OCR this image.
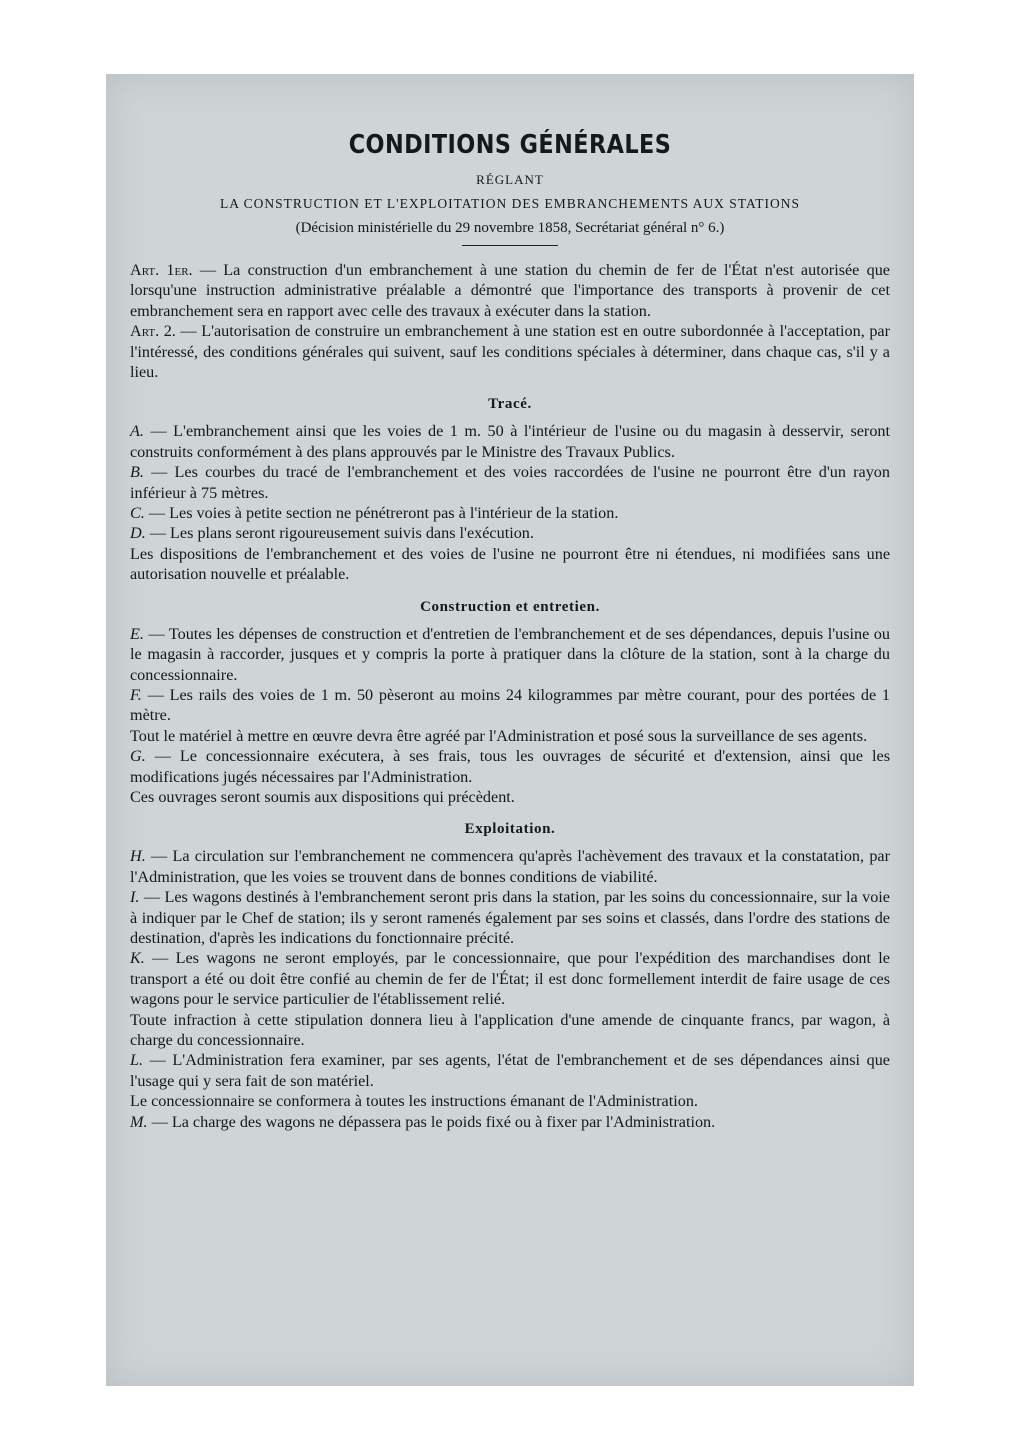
CONDITIONS GÉNÉRALES
RÉGLANT
LA CONSTRUCTION ET L'EXPLOITATION DES EMBRANCHEMENTS AUX STATIONS
(Décision ministérielle du 29 novembre 1858, Secrétariat général n° 6.)

Art. 1er. — La construction d'un embranchement à une station du chemin de fer de l'État n'est autorisée que lorsqu'une instruction administrative préalable a démontré que l'importance des transports à provenir de cet embranchement sera en rapport avec celle des travaux à exécuter dans la station.

Art. 2. — L'autorisation de construire un embranchement à une station est en outre subordonnée à l'acceptation, par l'intéressé, des conditions générales qui suivent, sauf les conditions spéciales à déterminer, dans chaque cas, s'il y a lieu.

Tracé.

A. — L'embranchement ainsi que les voies de 1 m. 50 à l'intérieur de l'usine ou du magasin à desservir, seront construits conformément à des plans approuvés par le Ministre des Travaux Publics.

B. — Les courbes du tracé de l'embranchement et des voies raccordées de l'usine ne pourront être d'un rayon inférieur à 75 mètres.

C. — Les voies à petite section ne pénétreront pas à l'intérieur de la station.

D. — Les plans seront rigoureusement suivis dans l'exécution.

Les dispositions de l'embranchement et des voies de l'usine ne pourront être ni étendues, ni modifiées sans une autorisation nouvelle et préalable.

Construction et entretien.

E. — Toutes les dépenses de construction et d'entretien de l'embranchement et de ses dépendances, depuis l'usine ou le magasin à raccorder, jusques et y compris la porte à pratiquer dans la clôture de la station, sont à la charge du concessionnaire.

F. — Les rails des voies de 1 m. 50 pèseront au moins 24 kilogrammes par mètre courant, pour des portées de 1 mètre.

Tout le matériel à mettre en œuvre devra être agréé par l'Administration et posé sous la surveillance de ses agents.

G. — Le concessionnaire exécutera, à ses frais, tous les ouvrages de sécurité et d'extension, ainsi que les modifications jugés nécessaires par l'Administration.

Ces ouvrages seront soumis aux dispositions qui précèdent.

Exploitation.

H. — La circulation sur l'embranchement ne commencera qu'après l'achèvement des travaux et la constatation, par l'Administration, que les voies se trouvent dans de bonnes conditions de viabilité.

I. — Les wagons destinés à l'embranchement seront pris dans la station, par les soins du concessionnaire, sur la voie à indiquer par le Chef de station; ils y seront ramenés également par ses soins et classés, dans l'ordre des stations de destination, d'après les indications du fonctionnaire précité.

K. — Les wagons ne seront employés, par le concessionnaire, que pour l'expédition des marchandises dont le transport a été ou doit être confié au chemin de fer de l'État; il est donc formellement interdit de faire usage de ces wagons pour le service particulier de l'établissement relié.

Toute infraction à cette stipulation donnera lieu à l'application d'une amende de cinquante francs, par wagon, à charge du concessionnaire.

L. — L'Administration fera examiner, par ses agents, l'état de l'embranchement et de ses dépendances ainsi que l'usage qui y sera fait de son matériel.

Le concessionnaire se conformera à toutes les instructions émanant de l'Administration.

M. — La charge des wagons ne dépassera pas le poids fixé ou à fixer par l'Administration.
